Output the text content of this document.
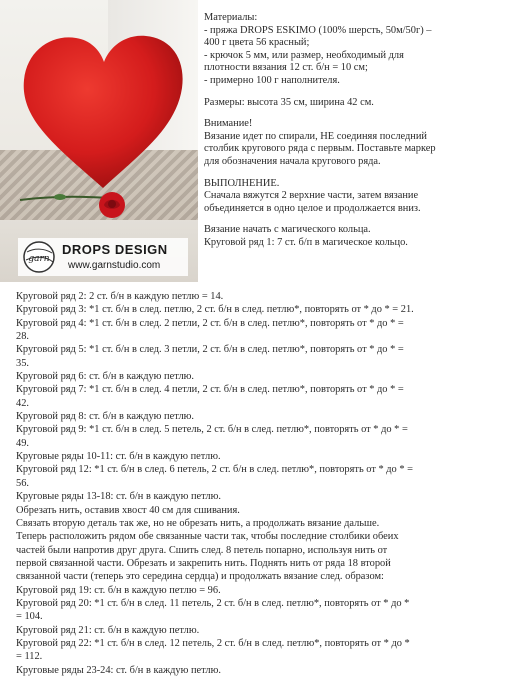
garn
DROPS DESIGN
www.garnstudio.com

Материалы:

- пряжа DROPS ESKIMO (100% шерсть, 50м/50г) –

400 г цвета 56 красный;

- крючок 5 мм, или размер, необходимый для

плотности вязания 12 ст. б/н = 10 см;

- примерно 100 г наполнителя.

Размеры: высота 35 см, ширина 42 см.

Внимание!

Вязание идет по спирали, НЕ соединяя последний

столбик кругового ряда с первым. Поставьте маркер

для обозначения начала кругового ряда.

ВЫПОЛНЕНИЕ.

Сначала вяжутся 2 верхние части, затем вязание

объединяется в одно целое и продолжается вниз.

Вязание начать с магического кольца.

Круговой ряд 1: 7 ст. б/п в магическое кольцо.

Круговой ряд 2: 2 ст. б/н в каждую петлю = 14.

Круговой ряд 3: *1 ст. б/н в след. петлю, 2 ст. б/н в след. петлю*, повторять от * до * = 21.

Круговой ряд 4: *1 ст. б/н в след. 2 петли, 2 ст. б/н в след. петлю*, повторять от * до * =

28.

Круговой ряд 5: *1 ст. б/н в след. 3 петли, 2 ст. б/н в след. петлю*, повторять от * до * =

35.

Круговой ряд 6: ст. б/н в каждую петлю.

Круговой ряд 7: *1 ст. б/н в след. 4 петли, 2 ст. б/н в след. петлю*, повторять от * до * =

42.

Круговой ряд 8: ст. б/н в каждую петлю.

Круговой ряд 9: *1 ст. б/н в след. 5 петель, 2 ст. б/н в след. петлю*, повторять от * до * =

49.

Круговые ряды 10-11: ст. б/н в каждую петлю.

Круговой ряд 12: *1 ст. б/н в след. 6 петель, 2 ст. б/н в след. петлю*, повторять от * до * =

56.

Круговые ряды 13-18: ст. б/н в каждую петлю.

Обрезать нить, оставив хвост 40 см для сшивания.

Связать вторую деталь так же, но не обрезать нить, а продолжать вязание дальше.

Теперь расположить рядом обе связанные части так, чтобы последние столбики обеих

частей были напротив друг друга. Сшить след. 8 петель попарно, используя нить от

первой связанной части. Обрезать и закрепить нить. Поднять нить от ряда 18 второй

связанной части (теперь это середина сердца) и продолжать вязание след. образом:

Круговой ряд 19: ст. б/н в каждую петлю = 96.

Круговой ряд 20: *1 ст. б/н в след. 11 петель, 2 ст. б/н в след. петлю*, повторять от * до *

= 104.

Круговой ряд 21: ст. б/н в каждую петлю.

Круговой ряд 22: *1 ст. б/н в след. 12 петель, 2 ст. б/н в след. петлю*, повторять от * до *

= 112.

Круговые ряды 23-24: ст. б/н в каждую петлю.
